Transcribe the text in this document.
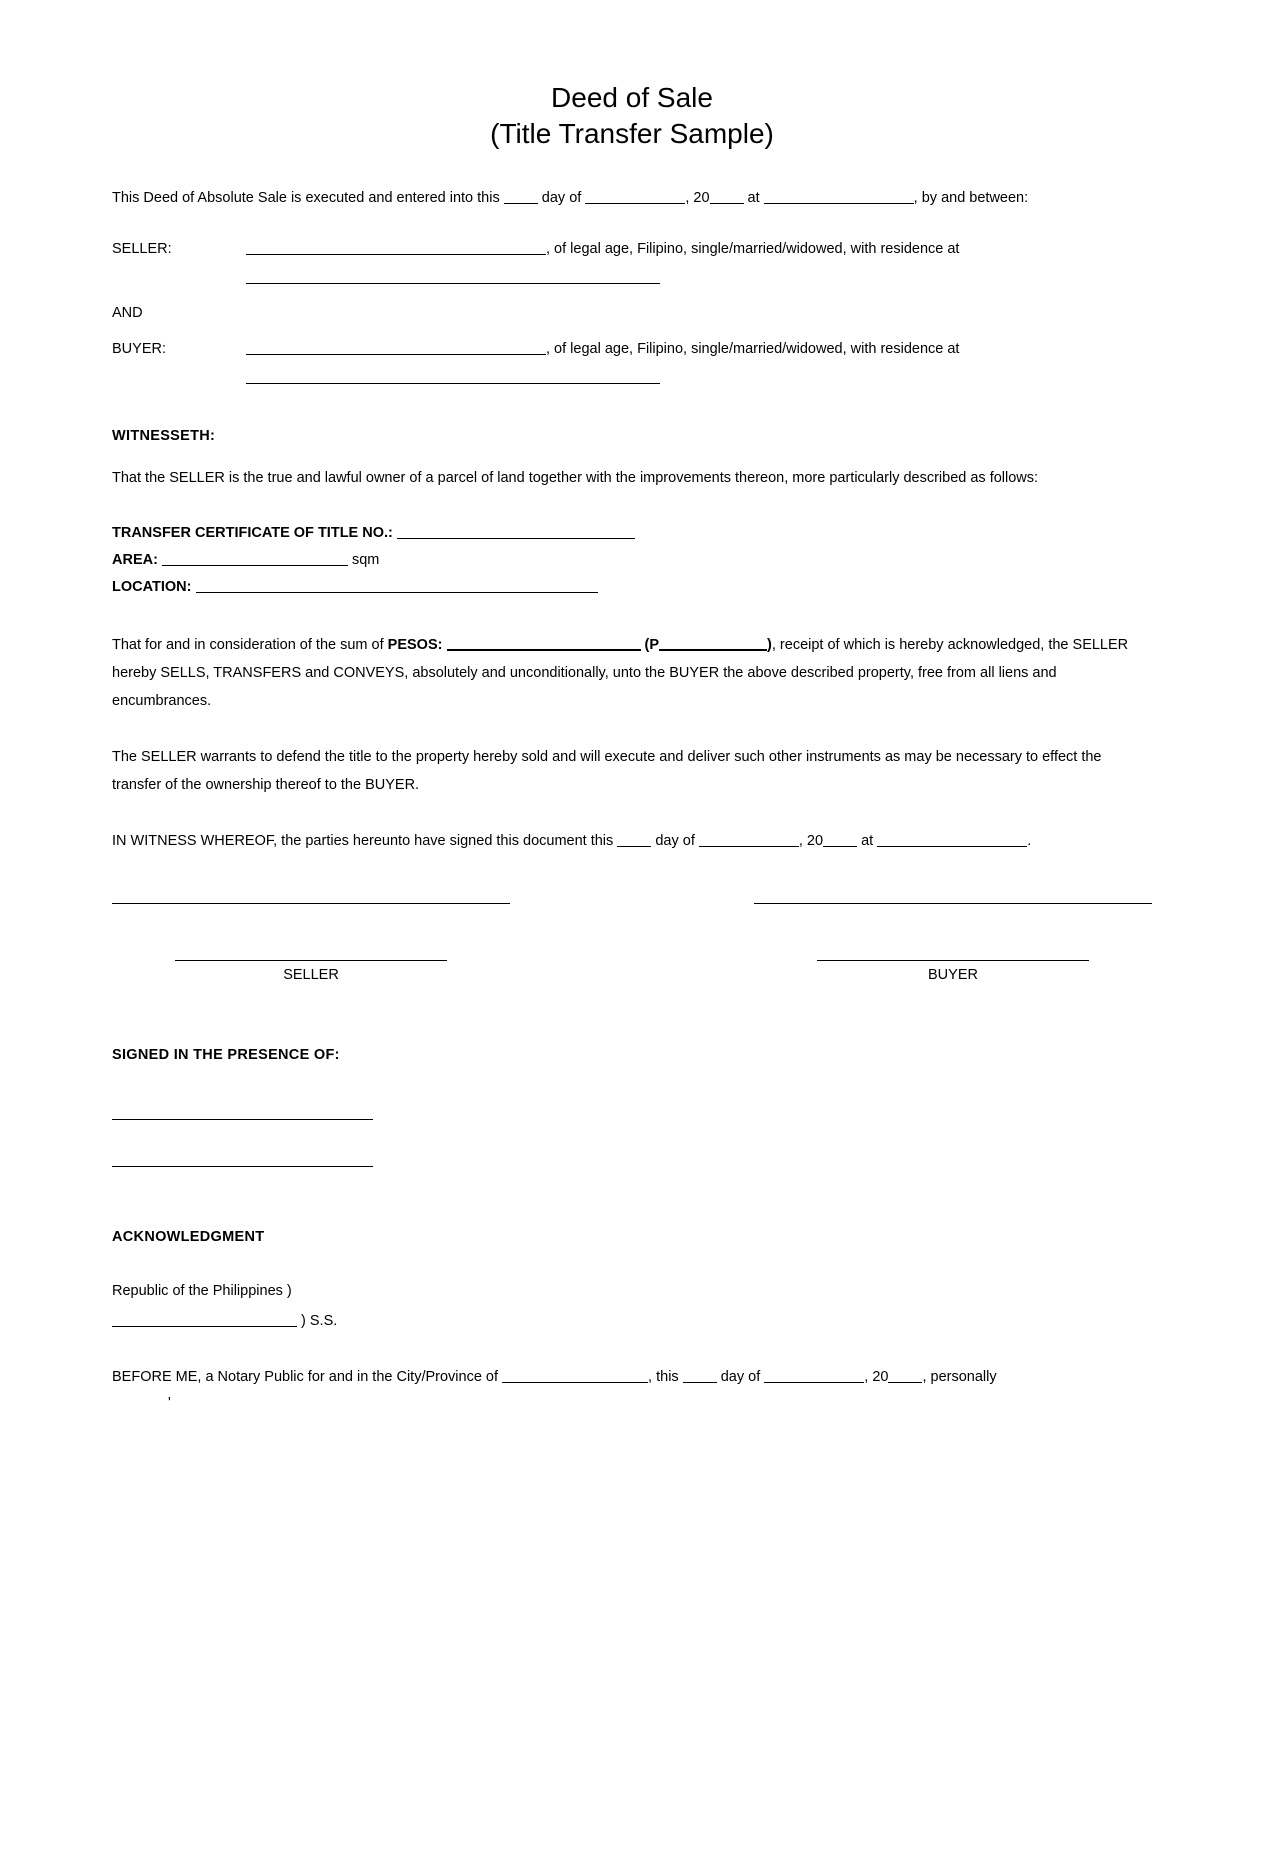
Deed of Sale
(Title Transfer Sample)

This Deed of Absolute Sale is executed and entered into this	day of	, 20	at	, by and between:

SELLER:	, of legal age, Filipino, single/married/widowed, with residence at
AND
BUYER:	, of legal age, Filipino, single/married/widowed, with residence at
WITNESSETH:

That the SELLER is the true and lawful owner of a parcel of land together with the improvements thereon, more particularly described as follows:

TRANSFER CERTIFICATE OF TITLE NO.:
AREA:	sqm
LOCATION:

That for and in consideration of the sum of PESOS:	(P	), receipt of which is hereby acknowledged, the SELLER hereby SELLS, TRANSFERS and CONVEYS, absolutely and unconditionally, unto the BUYER the above described property, free from all liens and encumbrances.

The SELLER warrants to defend the title to the property hereby sold and will execute and deliver such other instruments as may be necessary to effect the transfer of the ownership thereof to the BUYER.

IN WITNESS WHEREOF, the parties hereunto have signed this document this	day of	, 20	at	.

SELLER	BUYER
SIGNED IN THE PRESENCE OF:
ACKNOWLEDGMENT
Republic of the Philippines )
) S.S.

BEFORE ME, a Notary Public for and in the City/Province of	, this	day of	, 20 , personally

'
